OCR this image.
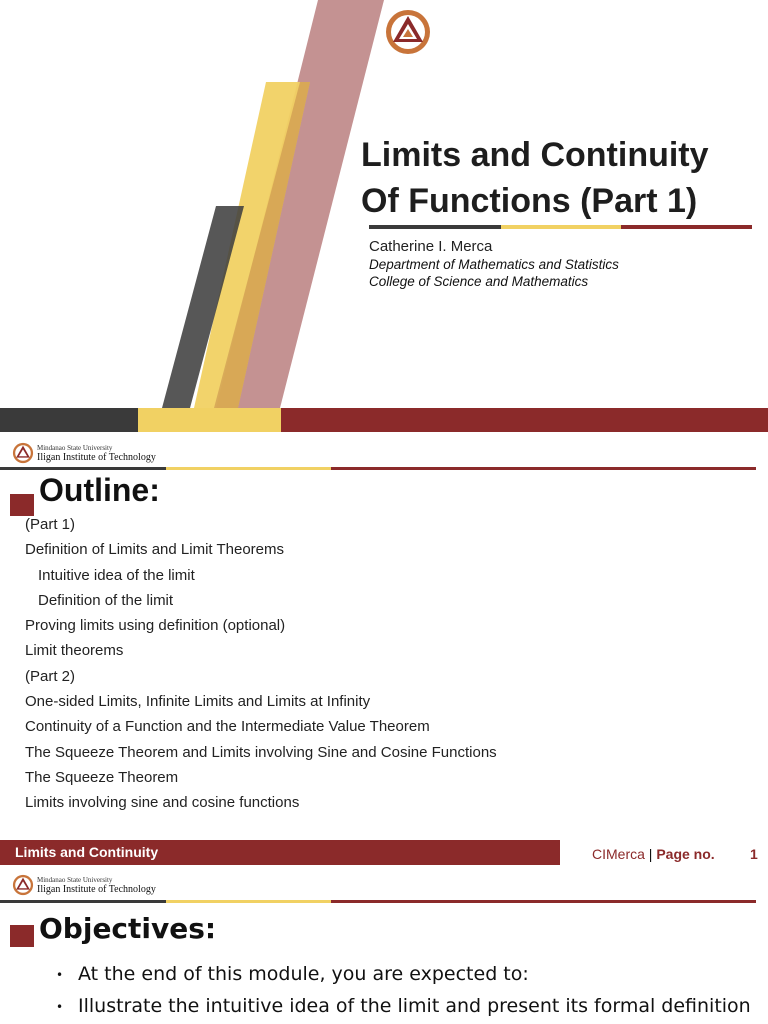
Limits and Continuity
Of Functions (Part 1)
Catherine I. Merca
Department of Mathematics and Statistics
College of Science and Mathematics
Mindanao State University
Iligan Institute of Technology
Outline:
(Part 1)
Definition of Limits and Limit Theorems
Intuitive idea of the limit
Definition of the limit
Proving limits using definition (optional)
Limit theorems
(Part 2)
One-sided Limits, Infinite Limits and Limits at Infinity
Continuity of a Function and the Intermediate Value Theorem
The Squeeze Theorem and Limits involving Sine and Cosine Functions
The Squeeze Theorem
Limits involving sine and cosine functions
Limits and Continuity	CIMerca | Page no.	1
Mindanao State University
Iligan Institute of Technology
Objectives:
• At the end of this module, you are expected to:
• Illustrate the intuitive idea of the limit and present its formal definition
